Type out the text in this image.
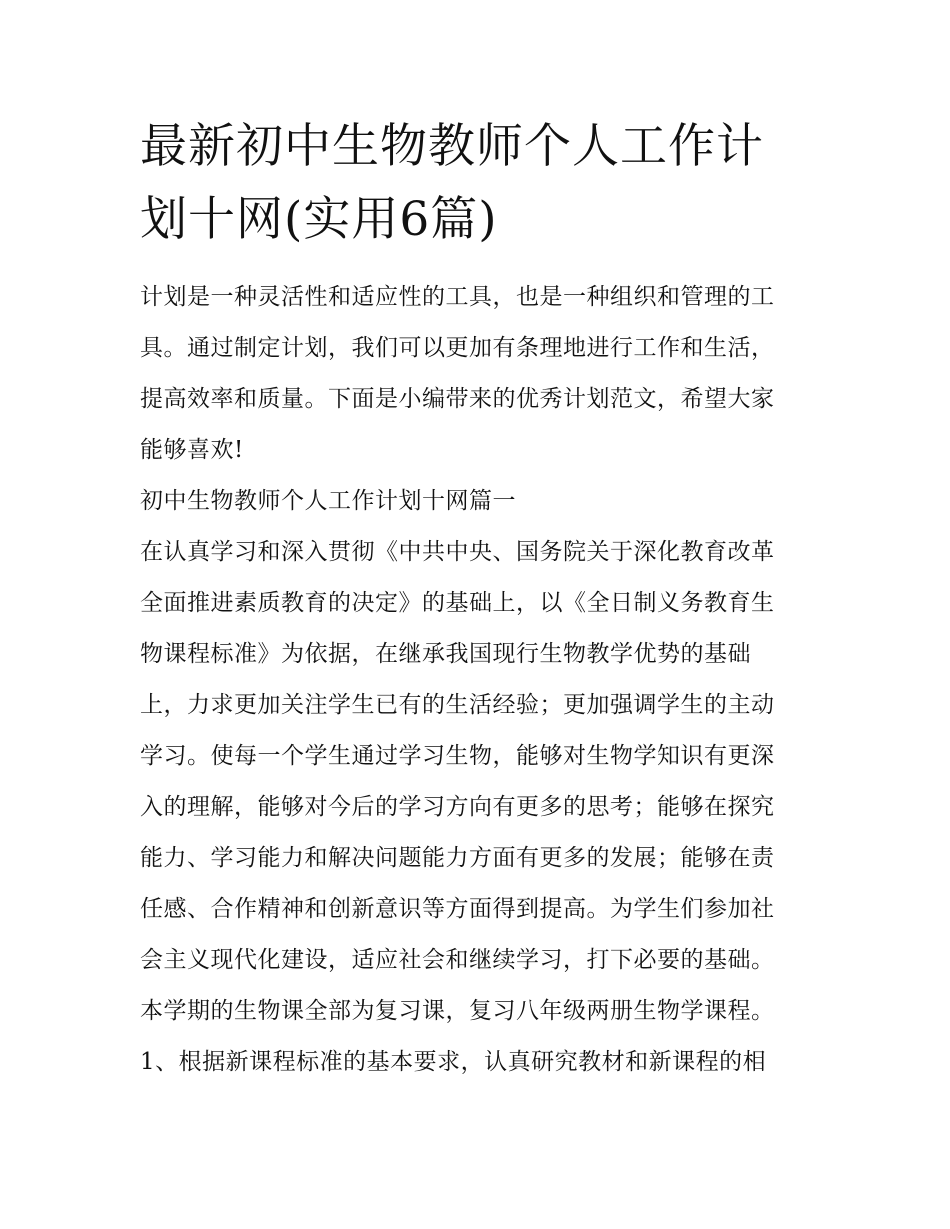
最新初中生物教师个人工作计
划十网(实用6篇)
计划是一种灵活性和适应性的工具，也是一种组织和管理的工
具。通过制定计划，我们可以更加有条理地进行工作和生活，
提高效率和质量。下面是小编带来的优秀计划范文，希望大家
能够喜欢!
初中生物教师个人工作计划十网篇一
在认真学习和深入贯彻《中共中央、国务院关于深化教育改革
全面推进素质教育的决定》的基础上，以《全日制义务教育生
物课程标准》为依据，在继承我国现行生物教学优势的基础
上，力求更加关注学生已有的生活经验；更加强调学生的主动
学习。使每一个学生通过学习生物，能够对生物学知识有更深
入的理解，能够对今后的学习方向有更多的思考；能够在探究
能力、学习能力和解决问题能力方面有更多的发展；能够在责
任感、合作精神和创新意识等方面得到提高。为学生们参加社
会主义现代化建设，适应社会和继续学习，打下必要的基础。
本学期的生物课全部为复习课，复习八年级两册生物学课程。
1、根据新课程标准的基本要求，认真研究教材和新课程的相
